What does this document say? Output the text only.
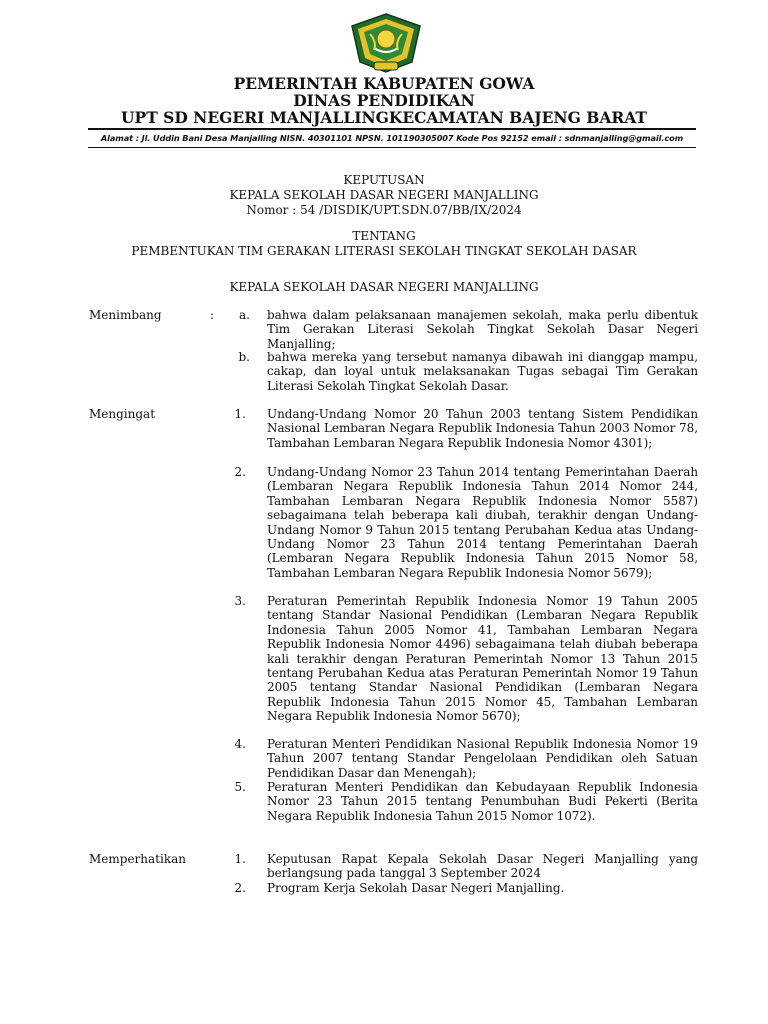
PEMERINTAH KABUPATEN GOWA
DINAS PENDIDIKAN
UPT SD NEGERI MANJALLINGKECAMATAN BAJENG BARAT
Alamat : Jl. Uddin Bani Desa Manjalling NISN. 40301101 NPSN. 101190305007 Kode Pos 92152 email : sdnmanjalling@gmail.com
KEPUTUSAN
KEPALA SEKOLAH DASAR NEGERI MANJALLING
Nomor : 54 /DISDIK/UPT.SDN.07/BB/IX/2024
TENTANG
PEMBENTUKAN TIM GERAKAN LITERASI SEKOLAH TINGKAT SEKOLAH DASAR
KEPALA SEKOLAH DASAR NEGERI MANJALLING
Menimbang	:	a. bahwa dalam pelaksanaan manajemen sekolah, maka perlu dibentuk Tim Gerakan Literasi Sekolah Tingkat Sekolah Dasar Negeri Manjalling;
b. bahwa mereka yang tersebut namanya dibawah ini dianggap mampu, cakap, dan loyal untuk melaksanakan Tugas sebagai Tim Gerakan Literasi Sekolah Tingkat Sekolah Dasar.
Mengingat	1. Undang-Undang Nomor 20 Tahun 2003 tentang Sistem Pendidikan Nasional Lembaran Negara Republik Indonesia Tahun 2003 Nomor 78, Tambahan Lembaran Negara Republik Indonesia Nomor 4301);
2. Undang-Undang Nomor 23 Tahun 2014 tentang Pemerintahan Daerah (Lembaran Negara Republik Indonesia Tahun 2014 Nomor 244, Tambahan Lembaran Negara Republik Indonesia Nomor 5587) sebagaimana telah beberapa kali diubah, terakhir dengan Undang-Undang Nomor 9 Tahun 2015 tentang Perubahan Kedua atas Undang-Undang Nomor 23 Tahun 2014 tentang Pemerintahan Daerah (Lembaran Negara Republik Indonesia Tahun 2015 Nomor 58, Tambahan Lembaran Negara Republik Indonesia Nomor 5679);
3. Peraturan Pemerintah Republik Indonesia Nomor 19 Tahun 2005 tentang Standar Nasional Pendidikan (Lembaran Negara Republik Indonesia Tahun 2005 Nomor 41, Tambahan Lembaran Negara Republik Indonesia Nomor 4496) sebagaimana telah diubah beberapa kali terakhir dengan Peraturan Pemerintah Nomor 13 Tahun 2015 tentang Perubahan Kedua atas Peraturan Pemerintah Nomor 19 Tahun 2005 tentang Standar Nasional Pendidikan (Lembaran Negara Republik Indonesia Tahun 2015 Nomor 45, Tambahan Lembaran Negara Republik Indonesia Nomor 5670);
4. Peraturan Menteri Pendidikan Nasional Republik Indonesia Nomor 19 Tahun 2007 tentang Standar Pengelolaan Pendidikan oleh Satuan Pendidikan Dasar dan Menengah);
5. Peraturan Menteri Pendidikan dan Kebudayaan Republik Indonesia Nomor 23 Tahun 2015 tentang Penumbuhan Budi Pekerti (Berita Negara Republik Indonesia Tahun 2015 Nomor 1072).
Memperhatikan	1. Keputusan Rapat Kepala Sekolah Dasar Negeri Manjalling yang berlangsung pada tanggal 3 September 2024
2. Program Kerja Sekolah Dasar Negeri Manjalling.
